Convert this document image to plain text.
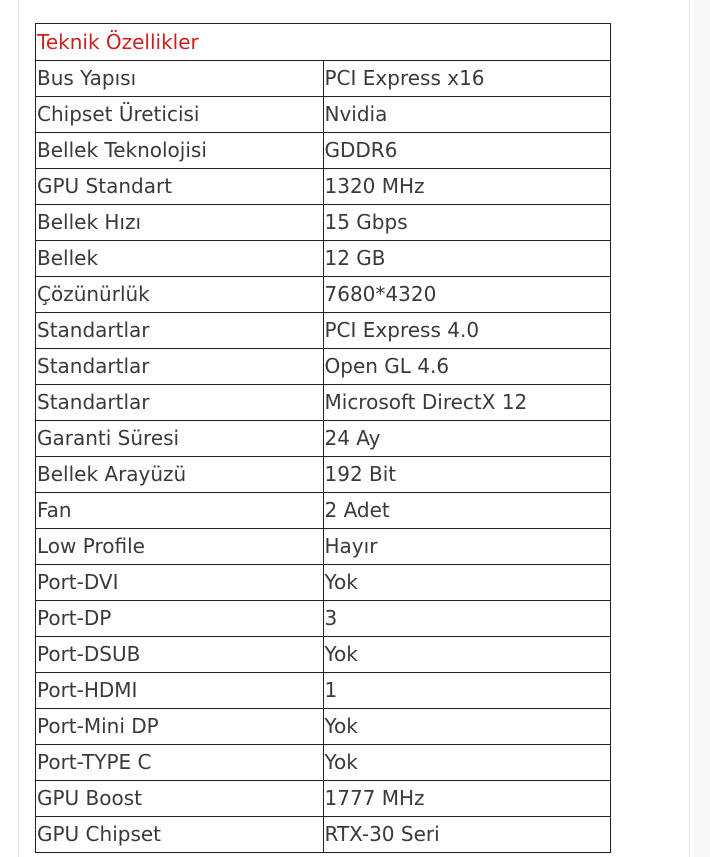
Teknik Özellikler	
Bus Yapısı	PCI Express x16
Chipset Üreticisi	Nvidia
Bellek Teknolojisi	GDDR6
GPU Standart	1320 MHz
Bellek Hızı	15 Gbps
Bellek	12 GB
Çözünürlük	7680*4320
Standartlar	PCI Express 4.0
Standartlar	Open GL 4.6
Standartlar	Microsoft DirectX 12
Garanti Süresi	24 Ay
Bellek Arayüzü	192 Bit
Fan	2 Adet
Low Profile	Hayır
Port-DVI	Yok
Port-DP	3
Port-DSUB	Yok
Port-HDMI	1
Port-Mini DP	Yok
Port-TYPE C	Yok
GPU Boost	1777 MHz
GPU Chipset	RTX-30 Seri
